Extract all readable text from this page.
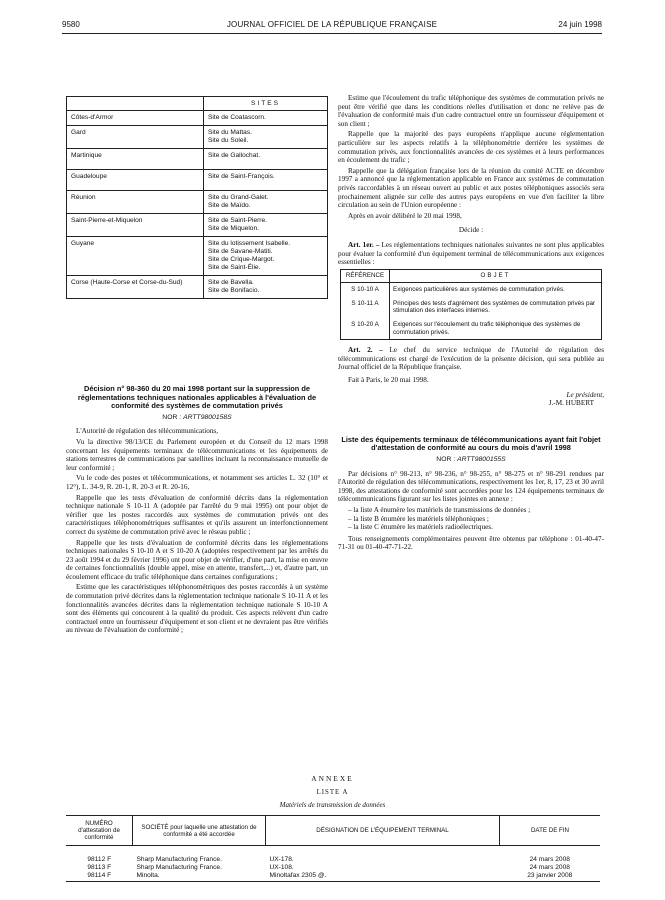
9580	JOURNAL OFFICIEL DE LA RÉPUBLIQUE FRANÇAISE	24 juin 1998
	SITES
Côtes-d'Armor	Site de Coatascorn.

Gard	Site du Mattas.
Site du Soleil.

Martinique	Site de Gallochat.

Guadeloupe	Site de Saint-François.

Réunion	Site du Grand-Galet.
Site de Maïdo.

Saint-Pierre-et-Miquelon	Site de Saint-Pierre.
Site de Miquelon.

Guyane	Site du lotissement Isabelle.
Site de Savane-Matiti.
Site de Crique-Margot.
Site de Saint-Élie.

Corse (Haute-Corse et Corse-du-Sud)	Site de Bavella.
Site de Bonifacio.
Décision n° 98-360 du 20 mai 1998 portant sur la suppression de réglementations techniques nationales applicables à l'évaluation de conformité des systèmes de commutation privés
NOR : ARTT9800158S

L'Autorité de régulation des télécommunications,

Vu la directive 98/13/CE du Parlement européen et du Conseil du 12 mars 1998 concernant les équipements terminaux de télécommunications et les équipements de stations terrestres de communications par satellites incluant la reconnaissance mutuelle de leur conformité ;

Vu le code des postes et télécommunications, et notamment ses articles L. 32 (10° et 12°), L. 34-9, R. 20-1, R. 20-3 et R. 20-16,

Rappelle que les tests d'évaluation de conformité décrits dans la réglementation technique nationale S 10-11 A (adoptée par l'arrêté du 9 mai 1995) ont pour objet de vérifier que les postes raccordés aux systèmes de commutation privés ont des caractéristiques téléphonométriques suffisantes et qu'ils assurent un interfonctionnement correct du système de commutation privé avec le réseau public ;

Rappelle que les tests d'évaluation de conformité décrits dans les réglementations techniques nationales S 10-10 A et S 10-20 A (adoptées respectivement par les arrêtés du 23 août 1994 et du 29 février 1996) ont pour objet de vérifier, d'une part, la mise en œuvre de certaines fonctionnalités (double appel, mise en attente, transfert,...) et, d'autre part, un écoulement efficace du trafic téléphonique dans certaines configurations ;

Estime que les caractéristiques téléphonométriques des postes raccordés à un système de commutation privé décrites dans la réglementation technique nationale S 10-11 A et les fonctionnalités avancées décrites dans la réglementation technique nationale S 10-10 A sont des éléments qui concourent à la qualité du produit. Ces aspects relèvent d'un cadre contractuel entre un fournisseur d'équipement et son client et ne devraient pas être vérifiés au niveau de l'évaluation de conformité ;

Estime que l'écoulement du trafic téléphonique des systèmes de commutation privés ne peut être vérifié que dans les conditions réelles d'utilisation et donc ne relève pas de l'évaluation de conformité mais d'un cadre contractuel entre un fournisseur d'équipement et son client ;

Rappelle que la majorité des pays européens n'applique aucune réglementation particulière sur les aspects relatifs à la téléphonométrie derrière les systèmes de commutation privés, aux fonctionnalités avancées de ces systèmes et à leurs performances en écoulement du trafic ;

Rappelle que la délégation française lors de la réunion du comité ACTE en décembre 1997 a annoncé que la réglementation applicable en France aux systèmes de commutation privés raccordables à un réseau ouvert au public et aux postes téléphoniques associés sera prochainement alignée sur celle des autres pays européens en vue d'en faciliter la libre circulation au sein de l'Union européenne :

Après en avoir délibéré le 20 mai 1998,

Décide :

Art. 1er. – Les réglementations techniques nationales suivantes ne sont plus applicables pour évaluer la conformité d'un équipement terminal de télécommunications aux exigences essentielles :

RÉFÉRENCE	OBJET
S 10-10 A	Exigences particulières aux systèmes de commutation privés.
S 10-11 A	Principes des tests d'agrément des systèmes de commutation privés par stimulation des interfaces internes.
S 10-20 A	Exigences sur l'écoulement du trafic téléphonique des systèmes de commutation privés.

Art. 2. – Le chef du service technique de l'Autorité de régulation des télécommunications est chargé de l'exécution de la présente décision, qui sera publiée au Journal officiel de la République française.

Fait à Paris, le 20 mai 1998.

Le président,
J.-M. HUBERT
Liste des équipements terminaux de télécommunications ayant fait l'objet d'attestation de conformité au cours du mois d'avril 1998
NOR : ARTT9800155S

Par décisions n° 98-213, n° 98-236, n° 98-255, n° 98-275 et n° 98-291 rendues par l'Autorité de régulation des télécommunications, respectivement les 1er, 8, 17, 23 et 30 avril 1998, des attestations de conformité sont accordées pour les 124 équipements terminaux de télécommunications figurant sur les listes jointes en annexe :

– la liste A énumère les matériels de transmissions de données ;
– la liste B énumère les matériels téléphoniques ;
– la liste C énumère les matériels radioélectriques.

Tous renseignements complémentaires peuvent être obtenus par téléphone : 01-40-47-71-31 ou 01-40-47-71-22.

ANNEXE
LISTE A
Matériels de transmission de données
NUMÉRO d'attestation de conformité	SOCIÉTÉ pour laquelle une attestation de conformité a été accordée	DÉSIGNATION DE L'ÉQUIPEMENT TERMINAL	DATE DE FIN
98112 F	Sharp Manufacturing France.	UX-178.	24 mars 2008
98113 F	Sharp Manufacturing France.	UX-108.	24 mars 2008
98114 F	Minolta.	Minoltafax 2305 @.	23 janvier 2008
